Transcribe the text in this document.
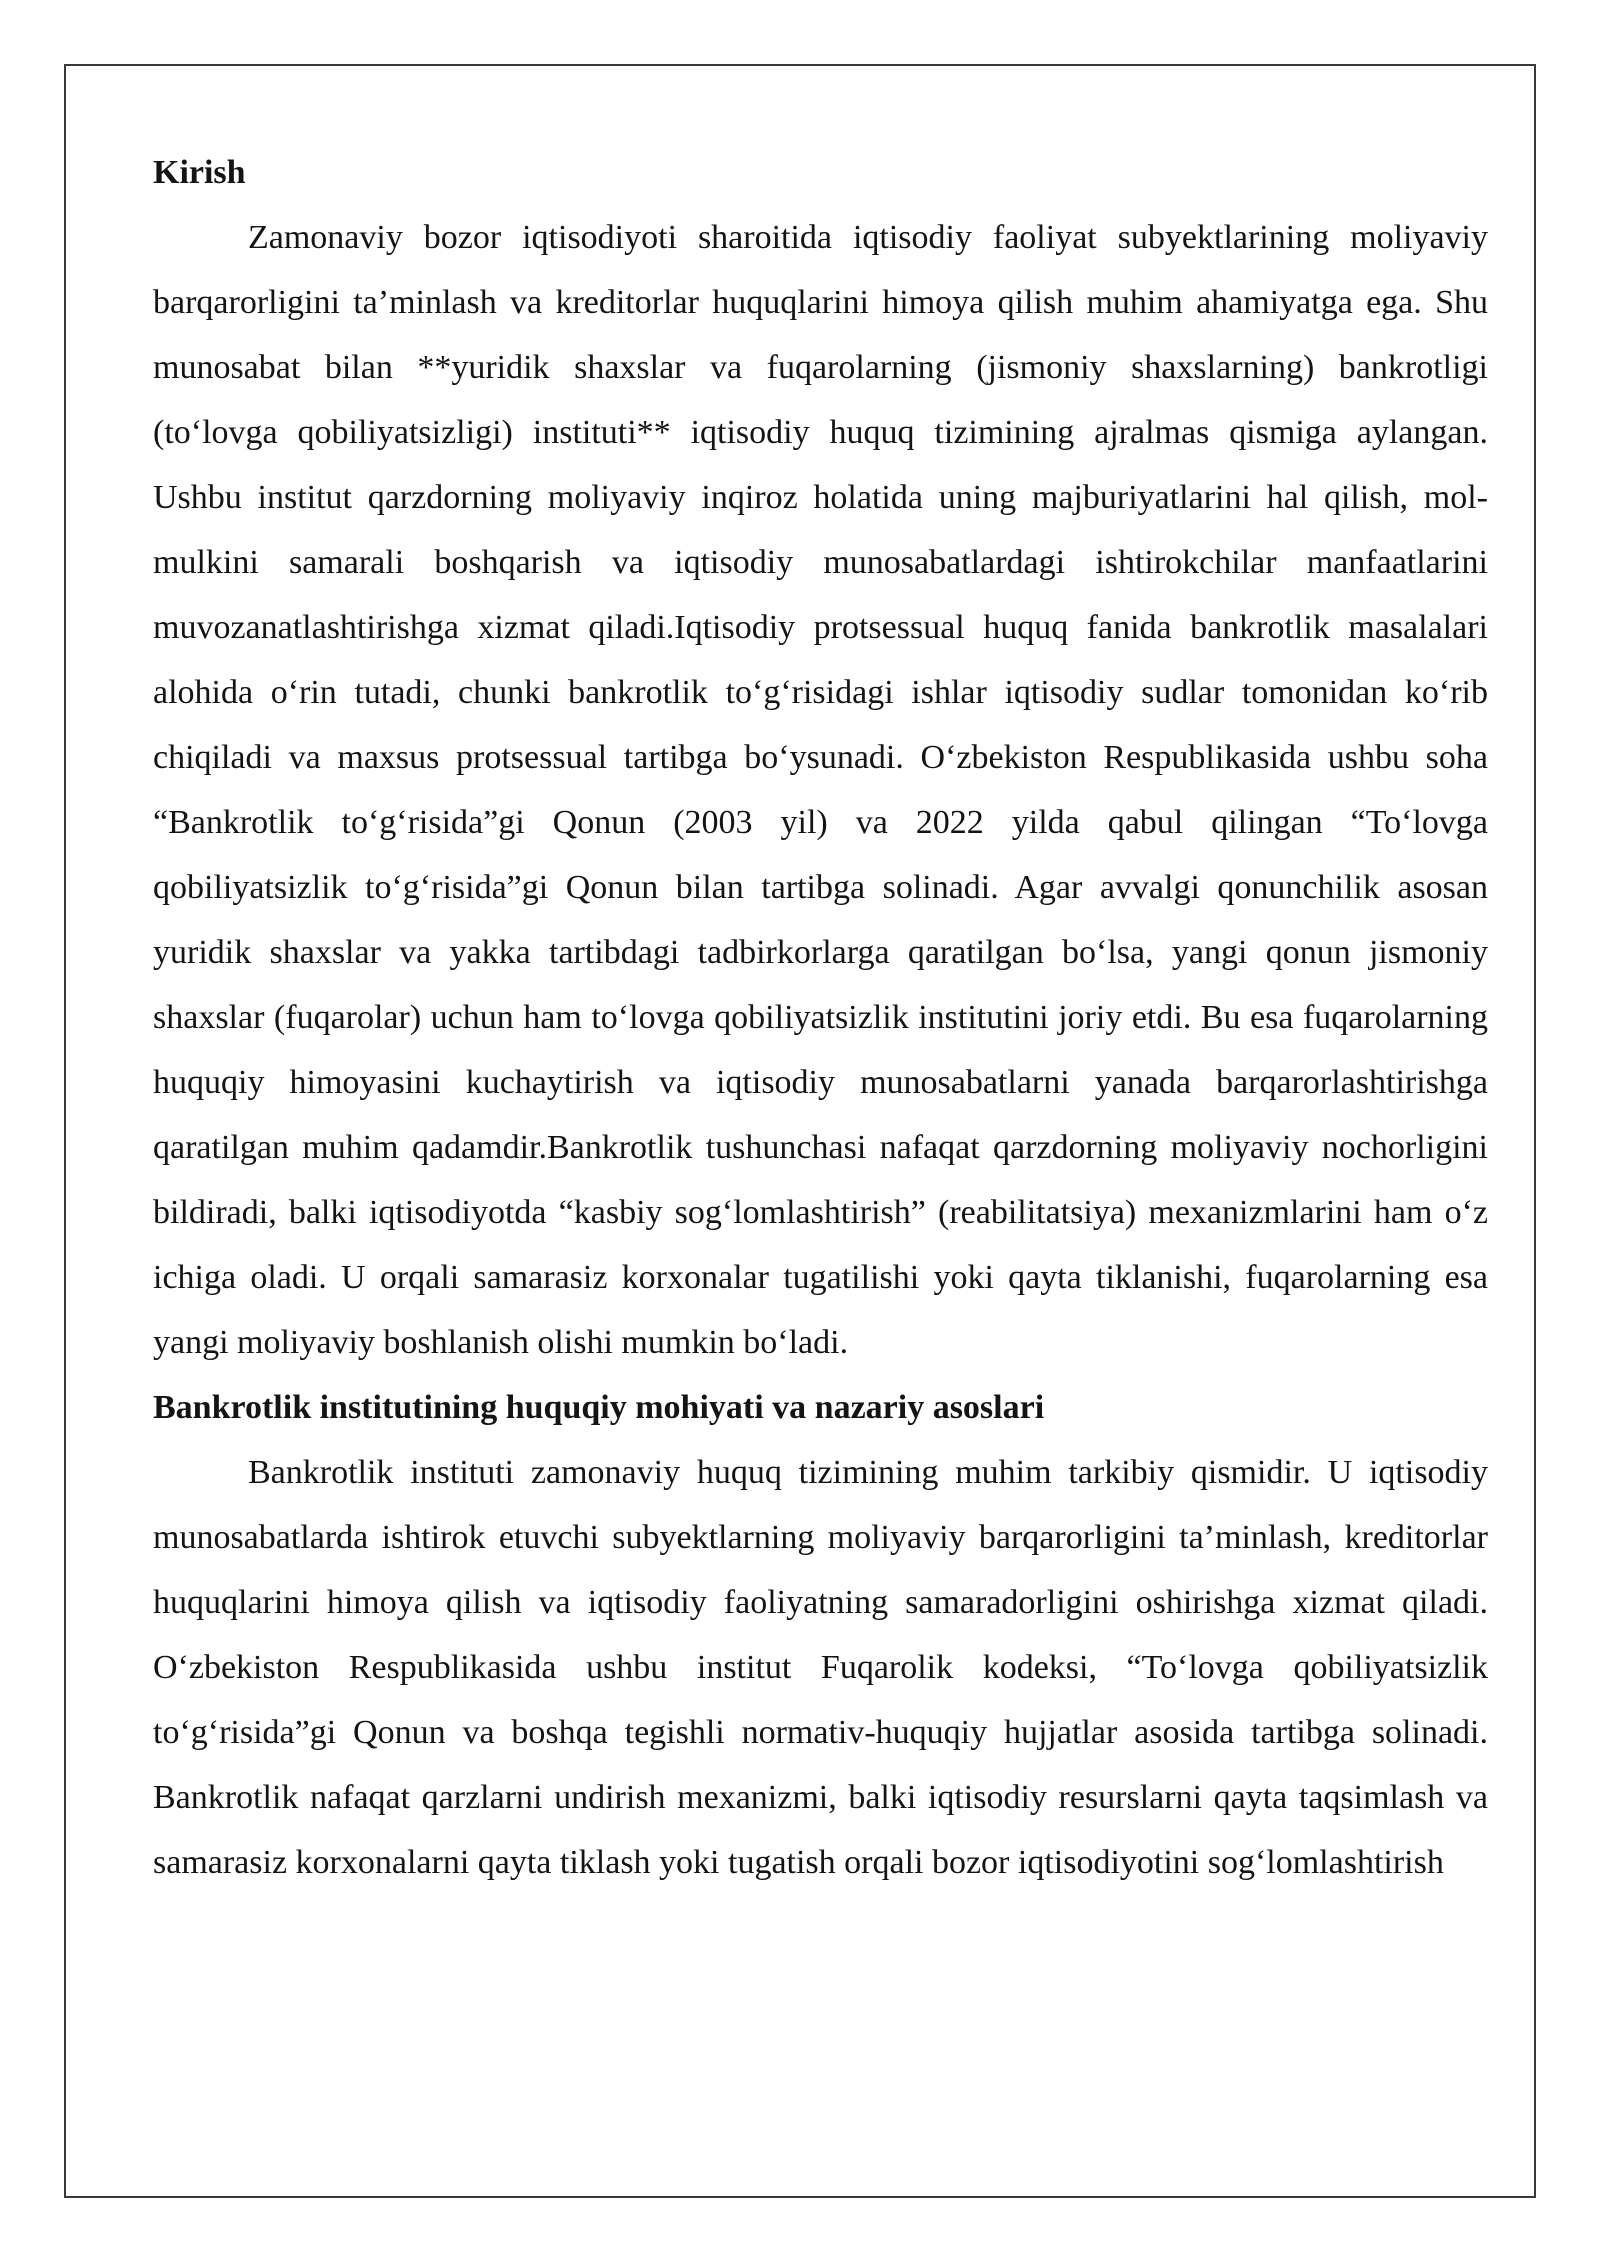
Kirish

Zamonaviy bozor iqtisodiyoti sharoitida iqtisodiy faoliyat subyektlarining moliyaviy barqarorligini ta’minlash va kreditorlar huquqlarini himoya qilish muhim ahamiyatga ega. Shu munosabat bilan **yuridik shaxslar va fuqarolarning (jismoniy shaxslarning) bankrotligi (to‘lovga qobiliyatsizligi) instituti** iqtisodiy huquq tizimining ajralmas qismiga aylangan. Ushbu institut qarzdorning moliyaviy inqiroz holatida uning majburiyatlarini hal qilish, mol-mulkini samarali boshqarish va iqtisodiy munosabatlardagi ishtirokchilar manfaatlarini muvozanatlashtirishga xizmat qiladi.Iqtisodiy protsessual huquq fanida bankrotlik masalalari alohida o‘rin tutadi, chunki bankrotlik to‘g‘risidagi ishlar iqtisodiy sudlar tomonidan ko‘rib chiqiladi va maxsus protsessual tartibga bo‘ysunadi. O‘zbekiston Respublikasida ushbu soha “Bankrotlik to‘g‘risida”gi Qonun (2003 yil) va 2022 yilda qabul qilingan “To‘lovga qobiliyatsizlik to‘g‘risida”gi Qonun bilan tartibga solinadi. Agar avvalgi qonunchilik asosan yuridik shaxslar va yakka tartibdagi tadbirkorlarga qaratilgan bo‘lsa, yangi qonun jismoniy shaxslar (fuqarolar) uchun ham to‘lovga qobiliyatsizlik institutini joriy etdi. Bu esa fuqarolarning huquqiy himoyasini kuchaytirish va iqtisodiy munosabatlarni yanada barqarorlashtirishga qaratilgan muhim qadamdir.Bankrotlik tushunchasi nafaqat qarzdorning moliyaviy nochorligini bildiradi, balki iqtisodiyotda “kasbiy sog‘lomlashtirish” (reabilitatsiya) mexanizmlarini ham o‘z ichiga oladi. U orqali samarasiz korxonalar tugatilishi yoki qayta tiklanishi, fuqarolarning esa yangi moliyaviy boshlanish olishi mumkin bo‘ladi.

Bankrotlik institutining huquqiy mohiyati va nazariy asoslari

Bankrotlik instituti zamonaviy huquq tizimining muhim tarkibiy qismidir. U iqtisodiy munosabatlarda ishtirok etuvchi subyektlarning moliyaviy barqarorligini ta’minlash, kreditorlar huquqlarini himoya qilish va iqtisodiy faoliyatning samaradorligini oshirishga xizmat qiladi. O‘zbekiston Respublikasida ushbu institut Fuqarolik kodeksi, “To‘lovga qobiliyatsizlik to‘g‘risida”gi Qonun va boshqa tegishli normativ-huquqiy hujjatlar asosida tartibga solinadi. Bankrotlik nafaqat qarzlarni undirish mexanizmi, balki iqtisodiy resurslarni qayta taqsimlash va samarasiz korxonalarni qayta tiklash yoki tugatish orqali bozor iqtisodiyotini sog‘lomlashtirish
